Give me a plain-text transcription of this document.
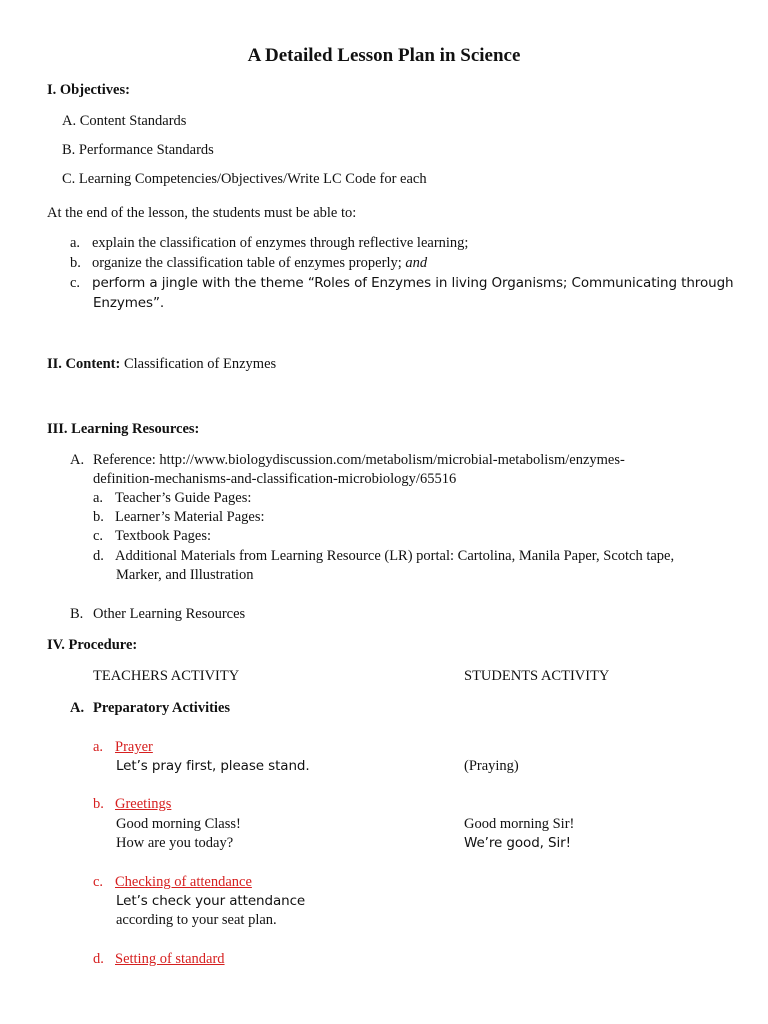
A Detailed Lesson Plan in Science
I. Objectives:
A. Content Standards
B. Performance Standards
C. Learning Competencies/Objectives/Write LC Code for each
At the end of the lesson, the students must be able to:
a. explain the classification of enzymes through reflective learning;
b. organize the classification table of enzymes properly; and
c. perform a jingle with the theme “Roles of Enzymes in living Organisms; Communicating through
Enzymes”.
II. Content: Classification of Enzymes
III. Learning Resources:
A. Reference: http://www.biologydiscussion.com/metabolism/microbial-metabolism/enzymes-
definition-mechanisms-and-classification-microbiology/65516
a. Teacher’s Guide Pages:
b. Learner’s Material Pages:
c. Textbook Pages:
d. Additional Materials from Learning Resource (LR) portal: Cartolina, Manila Paper, Scotch tape,
Marker, and Illustration
B. Other Learning Resources
IV. Procedure:
TEACHERS ACTIVITY	STUDENTS ACTIVITY
A. Preparatory Activities
a. Prayer
Let’s pray first, please stand.	(Praying)
b. Greetings
Good morning Class!	Good morning Sir!
How are you today?	We’re good, Sir!
c. Checking of attendance
Let’s check your attendance
according to your seat plan.
d. Setting of standard
